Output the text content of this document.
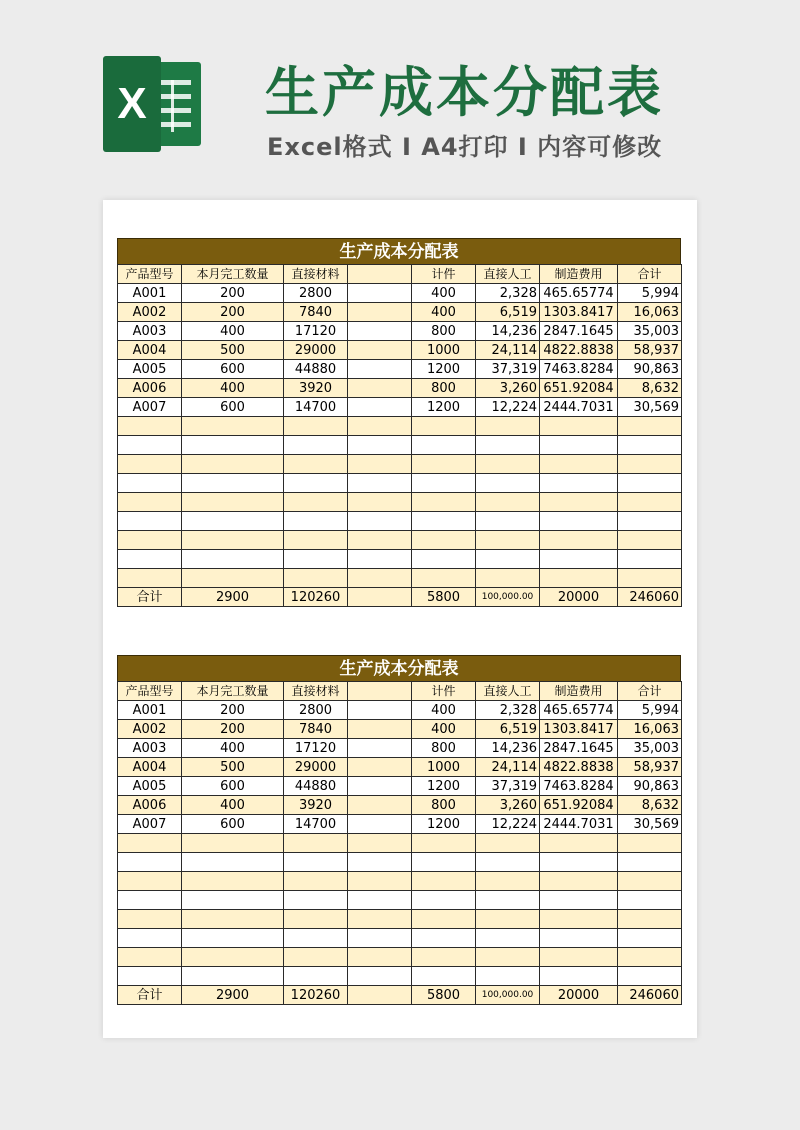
X 生产成本分配表
Excel格式 I A4打印 I 内容可修改
生产成本分配表
产品型号	本月完工数量	直接材料		计件	直接人工	制造费用	合计
A001	200	2800		400	2,328	465.65774	5,994
A002	200	7840		400	6,519	1303.8417	16,063
A003	400	17120		800	14,236	2847.1645	35,003
A004	500	29000		1000	24,114	4822.8838	58,937
A005	600	44880		1200	37,319	7463.8284	90,863
A006	400	3920		800	3,260	651.92084	8,632
A007	600	14700		1200	12,224	2444.7031	30,569

合计	2900	120260		5800	100,000.00	20000	246060
生产成本分配表
产品型号	本月完工数量	直接材料		计件	直接人工	制造费用	合计
A001	200	2800		400	2,328	465.65774	5,994
A002	200	7840		400	6,519	1303.8417	16,063
A003	400	17120		800	14,236	2847.1645	35,003
A004	500	29000		1000	24,114	4822.8838	58,937
A005	600	44880		1200	37,319	7463.8284	90,863
A006	400	3920		800	3,260	651.92084	8,632
A007	600	14700		1200	12,224	2444.7031	30,569

合计	2900	120260		5800	100,000.00	20000	246060
